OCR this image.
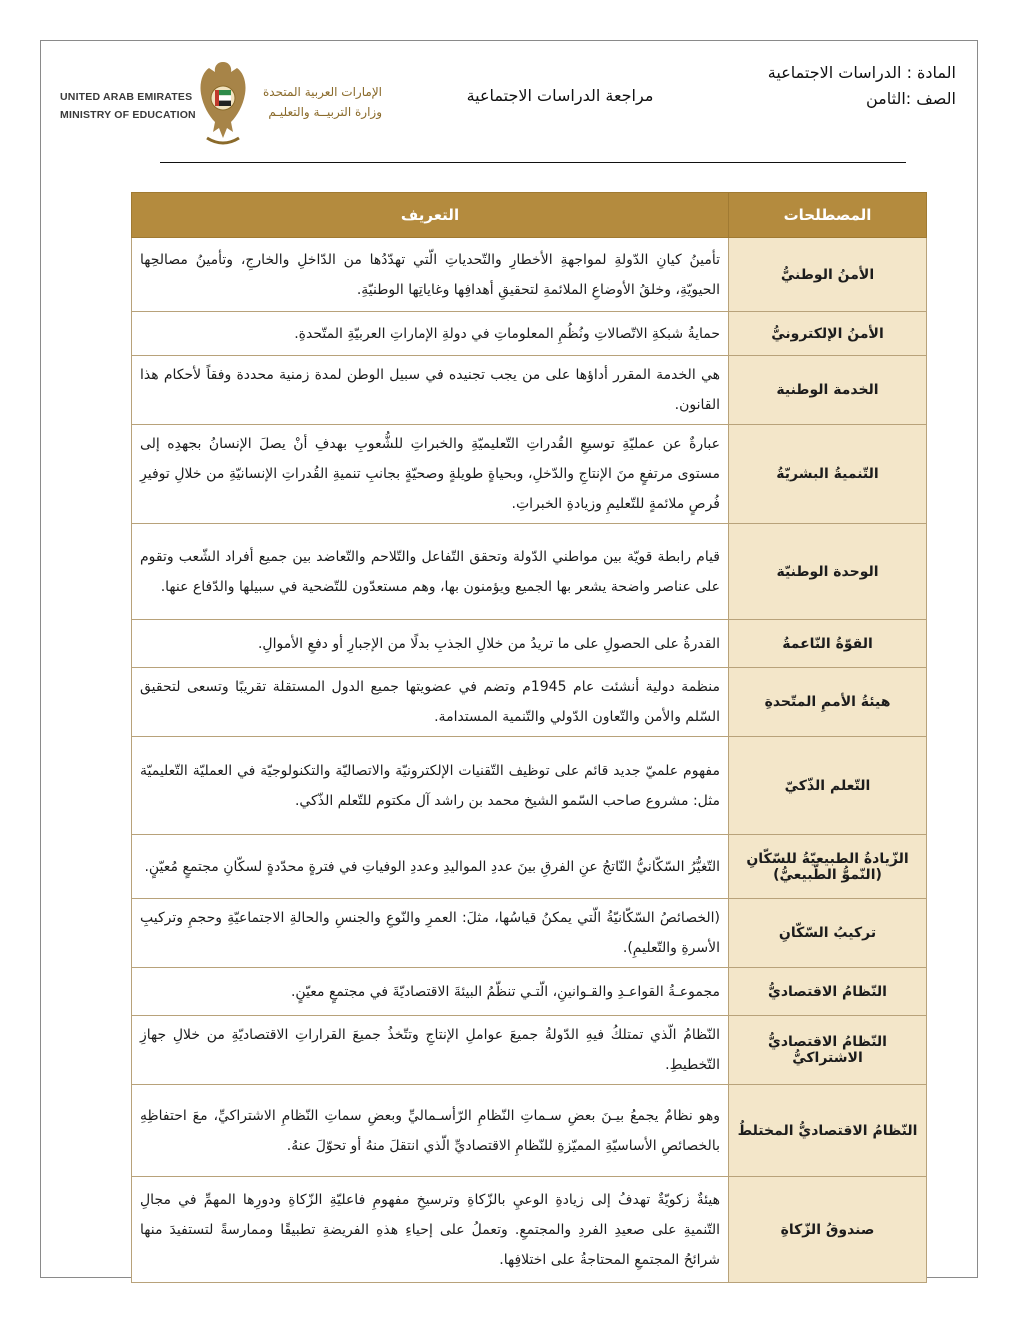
UNITED ARAB EMIRATES
MINISTRY OF EDUCATION
الإمارات العربية المتحدة
وزارة التربيــة والتعليـم
مراجعة الدراسات الاجتماعية
المادة : الدراسات الاجتماعية
الصف :الثامن
المصطلحات	التعريف
الأمنُ الوطنيُّ	تأمينُ كيانِ الدّولةِ لمواجهةِ الأخطارِ والتّحدياتِ الّتي تهدّدُها من الدّاخلِ والخارجِ، وتأمينُ مصالحِها الحيويّةِ، وخلقُ الأوضاعِ الملائمةِ لتحقيقِ أهدافِها وغاياتِها الوطنيّةِ.
الأمنُ الإلكترونيُّ	حمايةُ شبكةِ الاتّصالاتِ ونُظُمِ المعلوماتِ في دولةِ الإماراتِ العربيّةِ المتّحدةِ.
الخدمة الوطنية	هي الخدمة المقرر أداؤها على من يجب تجنيده في سبيل الوطن لمدة زمنية محددة وفقاً لأحكام هذا القانون.
التّنميةُ البشريّةُ	عبارةٌ عن عمليّةِ توسيعِ القُدراتِ التّعليميّةِ والخبراتِ للشُّعوبِ بهدفِ أنْ يصلَ الإنسانُ بجهدِه إلى مستوى مرتفعٍ منَ الإنتاجِ والدّخلِ، وبحياةٍ طويلةٍ وصحيّةٍ بجانبِ تنميةِ القُدراتِ الإنسانيّةِ من خلالِ توفيرِ فُرصٍ ملائمةٍ للتّعليمِ وزيادةِ الخبراتِ.
الوحدة الوطنيّة	قيام رابطة قويّة بين مواطني الدّولة وتحقق التّفاعل والتّلاحم والتّعاضد بين جميع أفراد الشّعب وتقوم على عناصر واضحة يشعر بها الجميع ويؤمنون بها، وهم مستعدّون للتّضحية في سبيلها والدّفاع عنها.
القوّةُ النّاعمةُ	القدرةُ على الحصولِ على ما تريدُ من خلالِ الجذبِ بدلًا من الإجبارِ أو دفعِ الأموالِ.
هيئةُ الأممِ المتّحدةِ	منظمة دولية أنشئت عام 1945م وتضم في عضويتها جميع الدول المستقلة تقريبًا وتسعى لتحقيق السّلم والأمن والتّعاون الدّولي والتّنمية المستدامة.
التّعلم الذّكيّ	مفهوم علميّ جديد قائم على توظيف التّقنيات الإلكترونيّة والاتصاليّة والتكنولوجيّة في العمليّة التّعليميّة مثل: مشروع صاحب السّمو الشيخ محمد بن راشد آل مكتوم للتّعلم الذّكي.
الزّيادةُ الطبيعيّةُ للسّكّانِ (النّموُّ الطّبيعيُّ)	التّغيُّرُ السّكّانيُّ النّاتجُ عنِ الفرقِ بينَ عددِ المواليدِ وعددِ الوفياتِ في فترةٍ محدّدةٍ لسكّانِ مجتمعٍ مُعيّنٍ.
تركيبُ السّكّانِ	(الخصائصُ السّكّانيّةُ الّتي يمكنُ قياسُها، مثلَ: العمرِ والنّوعِ والجنسِ والحالةِ الاجتماعيّةِ وحجمِ وتركيبِ الأسرةِ والتّعليمِ).
النّظامُ الاقتصاديُّ	مجموعـةُ القواعـدِ والقـوانينِ، الّتـي تنظّمُ البيئةَ الاقتصاديّةَ في مجتمعٍ معيّنٍ.
النّظامُ الاقتصاديُّ الاشتراكيُّ	النّظامُ الّذي تمتلكُ فيهِ الدّولةُ جميعَ عواملِ الإنتاجِ وتتّخذُ جميعَ القراراتِ الاقتصاديّةِ من خلالِ جهازِ التّخطيطِ.
النّظامُ الاقتصاديُّ المختلطُ	وهو نظامٌ يجمعُ بيـنَ بعضِ سـماتِ النّظامِ الرّأسـماليِّ وبعضِ سماتِ النّظامِ الاشتراكيِّ، معَ احتفاظِهِ بالخصائصِ الأساسيّةِ المميّزةِ للنّظامِ الاقتصاديِّ الّذي انتقلَ منهُ أو تحوّلَ عنهُ.
صندوقُ الزّكاةِ	هيئةٌ زكويّةٌ تهدفُ إلى زيادةِ الوعيِ بالزّكاةِ وترسيخِ مفهومِ فاعليّةِ الزّكاةِ ودورِها المهمِّ في مجالِ التّنميةِ على صعيدِ الفردِ والمجتمعِ. وتعملُ على إحياءِ هذهِ الفريضةِ تطبيقًا وممارسةً لتستفيدَ منها شرائحُ المجتمعِ المحتاجةُ على اختلافِها.
